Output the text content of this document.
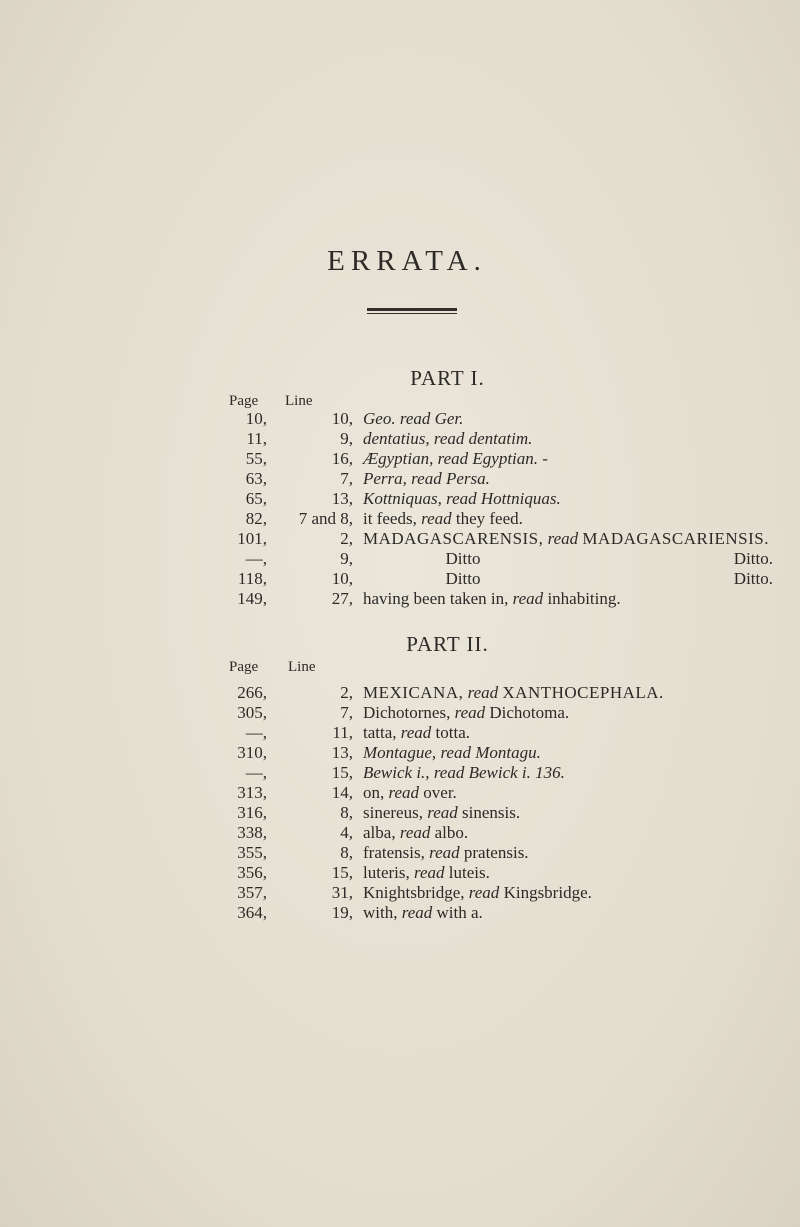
ERRATA.
PART I.
Page Line
10,	10,	Geo. read Ger.
11,	9,	dentatius, read dentatim.
55,	16,	Ægyptian, read Egyptian. -
63,	7,	Perra, read Persa.
65,	13,	Kottniquas, read Hottniquas.
82,	7 and 8,	it feeds, read they feed.
101,	2,	MADAGASCARENSIS, read MADAGASCARIENSIS.
—,	9,	Ditto Ditto.
118,	10,	Ditto Ditto.
149,	27,	having been taken in, read inhabiting.
PART II.
Page Line
266,	2,	MEXICANA, read XANTHOCEPHALA.
305,	7,	Dichotornes, read Dichotoma.
—,	11,	tatta, read totta.
310,	13,	Montague, read Montagu.
—,	15,	Bewick i., read Bewick i. 136.
313,	14,	on, read over.
316,	8,	sinereus, read sinensis.
338,	4,	alba, read albo.
355,	8,	fratensis, read pratensis.
356,	15,	luteris, read luteis.
357,	31,	Knightsbridge, read Kingsbridge.
364,	19,	with, read with a.
